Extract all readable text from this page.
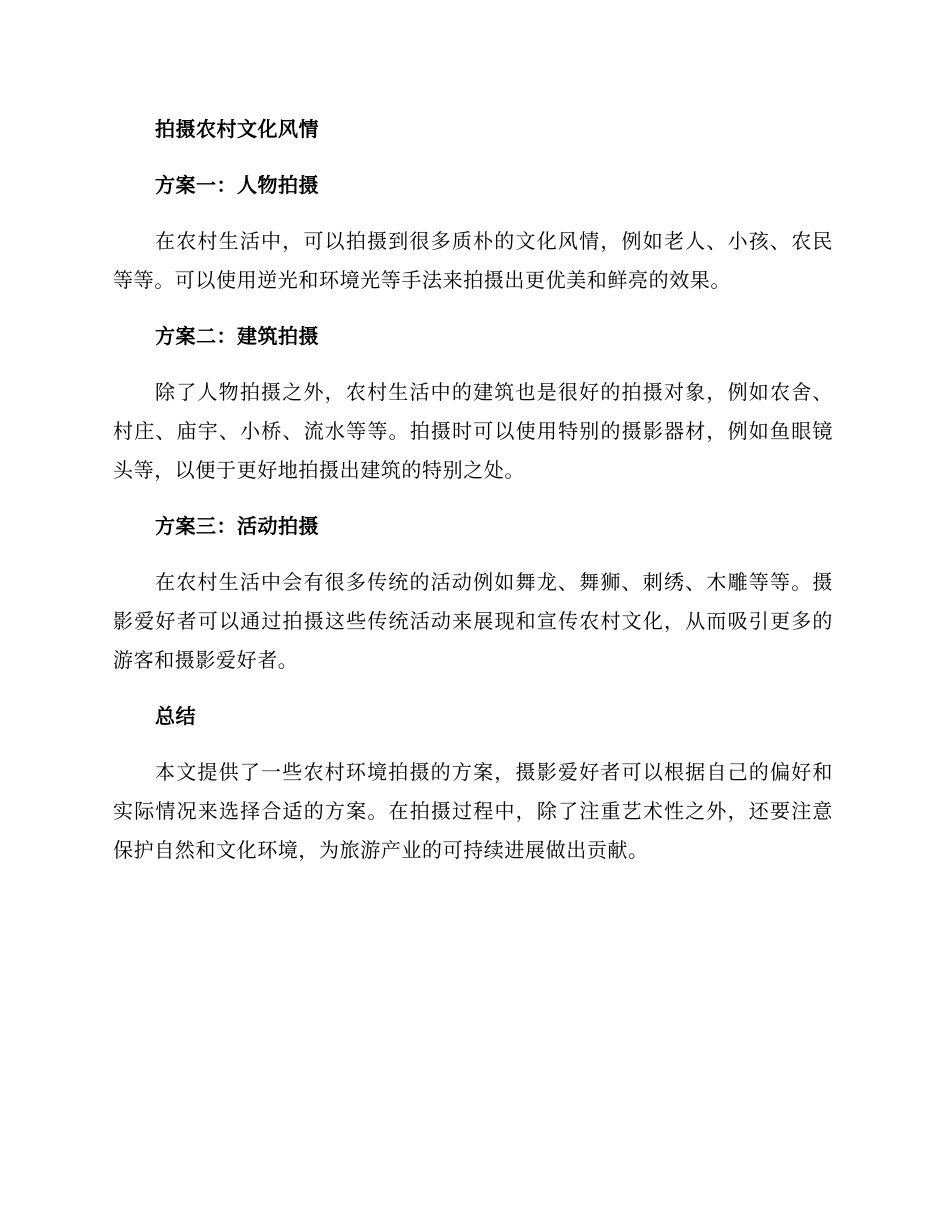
拍摄农村文化风情
方案一：人物拍摄

在农村生活中，可以拍摄到很多质朴的文化风情，例如老人、小孩、农民等等。可以使用逆光和环境光等手法来拍摄出更优美和鲜亮的效果。

方案二：建筑拍摄

除了人物拍摄之外，农村生活中的建筑也是很好的拍摄对象，例如农舍、村庄、庙宇、小桥、流水等等。拍摄时可以使用特别的摄影器材，例如鱼眼镜头等，以便于更好地拍摄出建筑的特别之处。

方案三：活动拍摄

在农村生活中会有很多传统的活动例如舞龙、舞狮、刺绣、木雕等等。摄影爱好者可以通过拍摄这些传统活动来展现和宣传农村文化，从而吸引更多的游客和摄影爱好者。

总结

本文提供了一些农村环境拍摄的方案，摄影爱好者可以根据自己的偏好和实际情况来选择合适的方案。在拍摄过程中，除了注重艺术性之外，还要注意保护自然和文化环境，为旅游产业的可持续进展做出贡献。
